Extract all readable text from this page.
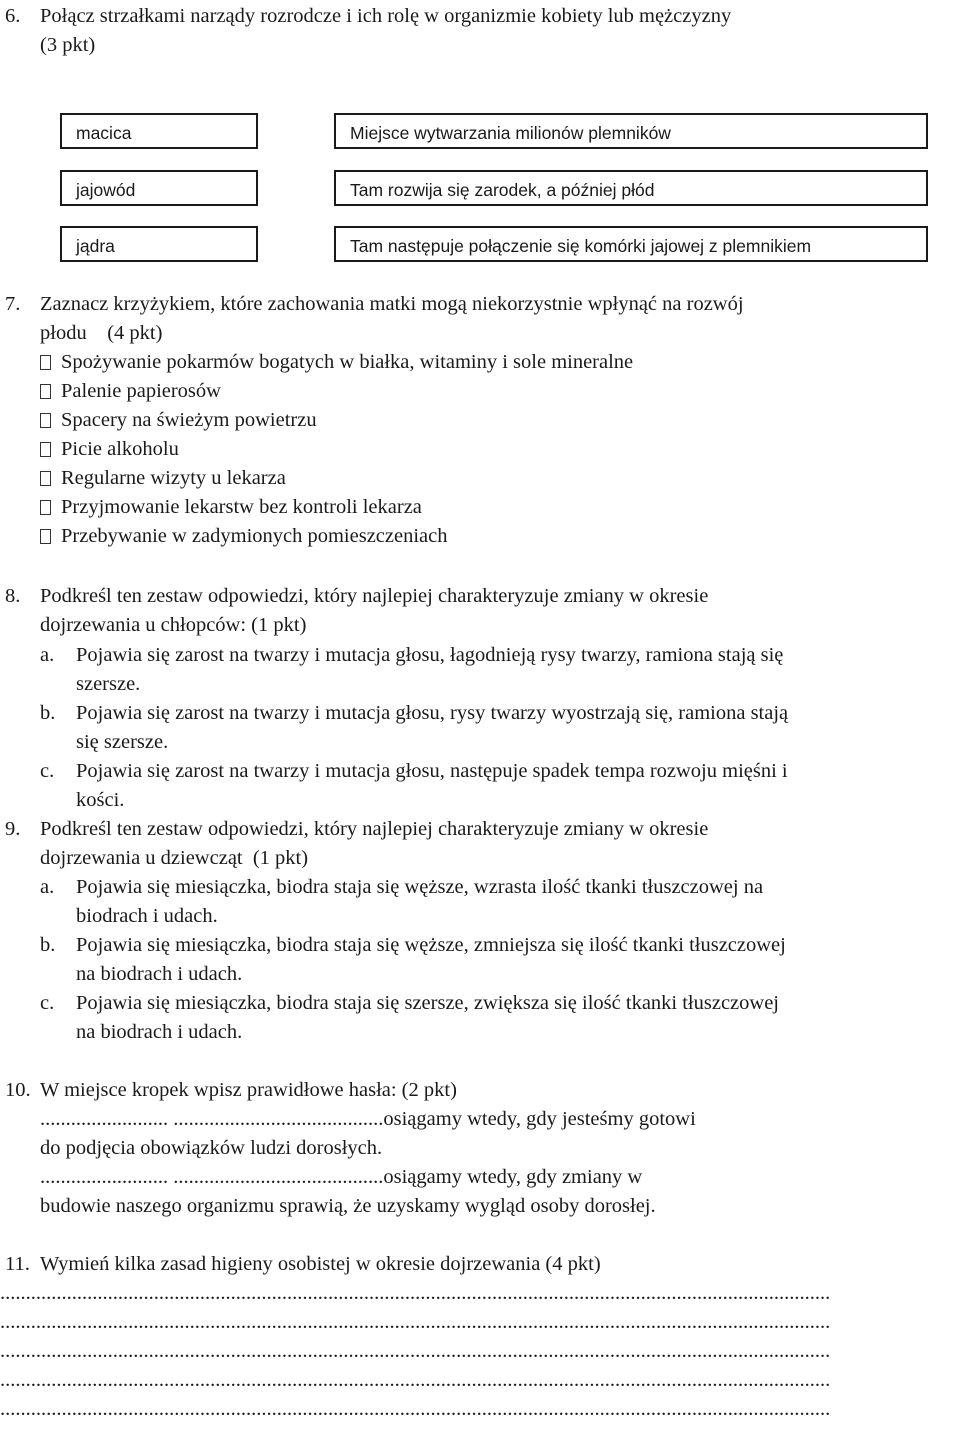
6. Połącz strzałkami narządy rozrodcze i ich rolę w organizmie kobiety lub mężczyzny
(3 pkt)
macica
jajowód
jądra
Miejsce wytwarzania milionów plemników
Tam rozwija się zarodek, a później płód
Tam następuje połączenie się komórki jajowej z plemnikiem
7. Zaznacz krzyżykiem, które zachowania matki mogą niekorzystnie wpłynąć na rozwój
płodu    (4 pkt)
Spożywanie pokarmów bogatych w białka, witaminy i sole mineralne
Palenie papierosów
Spacery na świeżym powietrzu
Picie alkoholu
Regularne wizyty u lekarza
Przyjmowanie lekarstw bez kontroli lekarza
Przebywanie w zadymionych pomieszczeniach
8. Podkreśl ten zestaw odpowiedzi, który najlepiej charakteryzuje zmiany w okresie
dojrzewania u chłopców: (1 pkt)
a. Pojawia się zarost na twarzy i mutacja głosu, łagodnieją rysy twarzy, ramiona stają się
szersze.
b. Pojawia się zarost na twarzy i mutacja głosu, rysy twarzy wyostrzają się, ramiona stają
się szersze.
c. Pojawia się zarost na twarzy i mutacja głosu, następuje spadek tempa rozwoju mięśni i
kości.
9. Podkreśl ten zestaw odpowiedzi, który najlepiej charakteryzuje zmiany w okresie
dojrzewania u dziewcząt  (1 pkt)
a. Pojawia się miesiączka, biodra staja się węższe, wzrasta ilość tkanki tłuszczowej na
biodrach i udach.
b. Pojawia się miesiączka, biodra staja się węższe, zmniejsza się ilość tkanki tłuszczowej
na biodrach i udach.
c. Pojawia się miesiączka, biodra staja się szersze, zwiększa się ilość tkanki tłuszczowej
na biodrach i udach.
10. W miejsce kropek wpisz prawidłowe hasła: (2 pkt)
......................... .........................................osiągamy wtedy, gdy jesteśmy gotowi
do podjęcia obowiązków ludzi dorosłych.
......................... .........................................osiągamy wtedy, gdy zmiany w
budowie naszego organizmu sprawią, że uzyskamy wygląd osoby dorosłej.
11. Wymień kilka zasad higieny osobistej w okresie dojrzewania (4 pkt)
..................................................................................................................................................................
..................................................................................................................................................................
..................................................................................................................................................................
..................................................................................................................................................................
..................................................................................................................................................................
